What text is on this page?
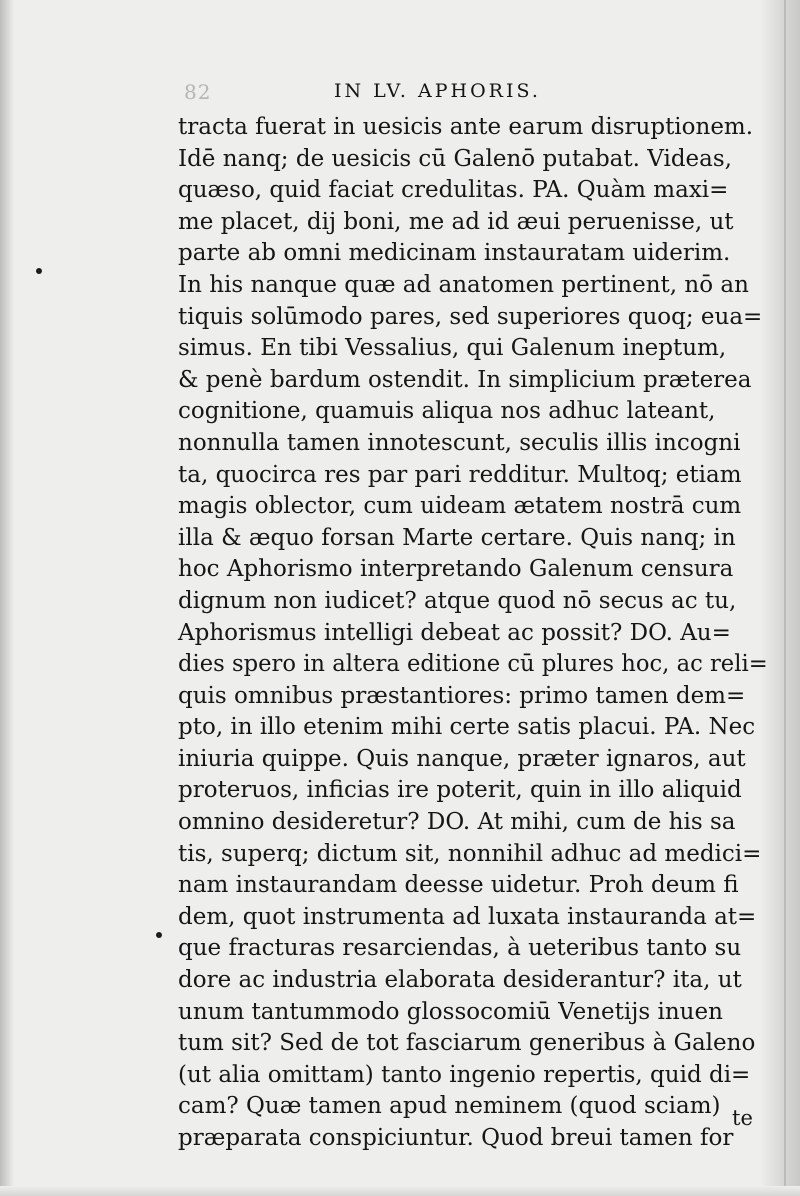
82	IN LV. APHORIS.
tracta fuerat in uesicis ante earum disruptionem.
Idē nanq; de uesicis cū Galenō putabat. Videas,
quæso, quid faciat credulitas. PA. Quàm maxi=
me placet, dij boni, me ad id æui peruenisse, ut
parte ab omni medicinam instauratam uiderim.
In his nanque quæ ad anatomen pertinent, nō an
tiquis solūmodo pares, sed superiores quoq; eua=
simus. En tibi Vessalius, qui Galenum ineptum,
& penè bardum ostendit. In simplicium præterea
cognitione, quamuis aliqua nos adhuc lateant,
nonnulla tamen innotescunt, seculis illis incogni
ta, quocirca res par pari redditur. Multoq; etiam
magis oblector, cum uideam ætatem nostrā cum
illa & æquo forsan Marte certare. Quis nanq; in
hoc Aphorismo interpretando Galenum censura
dignum non iudicet? atque quod nō secus ac tu,
Aphorismus intelligi debeat ac possit? DO. Au=
dies spero in altera editione cū plures hoc, ac reli=
quis omnibus præstantiores: primo tamen dem=
pto, in illo etenim mihi certe satis placui. PA. Nec
iniuria quippe. Quis nanque, præter ignaros, aut
proteruos, inficias ire poterit, quin in illo aliquid
omnino desideretur? DO. At mihi, cum de his sa
tis, superq; dictum sit, nonnihil adhuc ad medici=
nam instaurandam deesse uidetur. Proh deum fi
dem, quot instrumenta ad luxata instauranda at=
que fracturas resarciendas, à ueteribus tanto su
dore ac industria elaborata desiderantur? ita, ut
unum tantummodo glossocomiū Venetijs inuen
tum sit? Sed de tot fasciarum generibus à Galeno
(ut alia omittam) tanto ingenio repertis, quid di=
cam? Quæ tamen apud neminem (quod sciam)
præparata conspiciuntur. Quod breui tamen for
te
